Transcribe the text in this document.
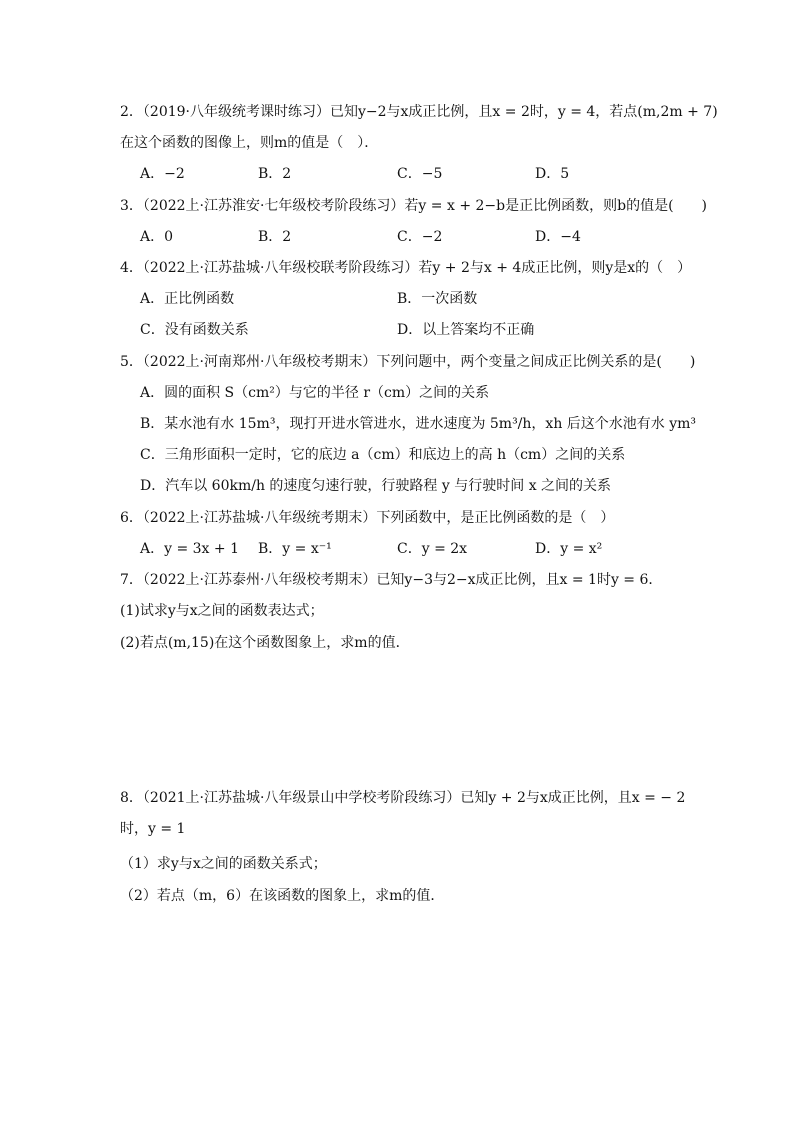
2．（2019·八年级统考课时练习）已知y−2与x成正比例，且x = 2时，y = 4，若点(m,2m + 7)
在这个函数的图像上，则m的值是（　）．
A．−2	B．2	C．−5	D．5
3．（2022上·江苏淮安·七年级校考阶段练习）若y = x + 2−b是正比例函数，则b的值是(　　)
A．0	B．2	C．−2	D．−4
4．（2022上·江苏盐城·八年级校联考阶段练习）若y + 2与x + 4成正比例，则y是x的（　）
A．正比例函数	B．一次函数
C．没有函数关系	D．以上答案均不正确
5．（2022上·河南郑州·八年级校考期末）下列问题中，两个变量之间成正比例关系的是(　　)
A．圆的面积 S（cm²）与它的半径 r（cm）之间的关系
B．某水池有水 15m³，现打开进水管进水，进水速度为 5m³/h，xh 后这个水池有水 ym³
C．三角形面积一定时，它的底边 a（cm）和底边上的高 h（cm）之间的关系
D．汽车以 60km/h 的速度匀速行驶，行驶路程 y 与行驶时间 x 之间的关系
6．（2022上·江苏盐城·八年级统考期末）下列函数中，是正比例函数的是（　）
A．y = 3x + 1 B．y = x⁻¹	C．y = 2x	D．y = x²
7．（2022上·江苏泰州·八年级校考期末）已知y−3与2−x成正比例，且x = 1时y = 6．
(1)试求y与x之间的函数表达式；
(2)若点(m,15)在这个函数图象上，求m的值．
8．（2021上·江苏盐城·八年级景山中学校考阶段练习）已知y + 2与x成正比例，且x = − 2
时，y = 1
（1）求y与x之间的函数关系式；
（2）若点（m，6）在该函数的图象上，求m的值．
